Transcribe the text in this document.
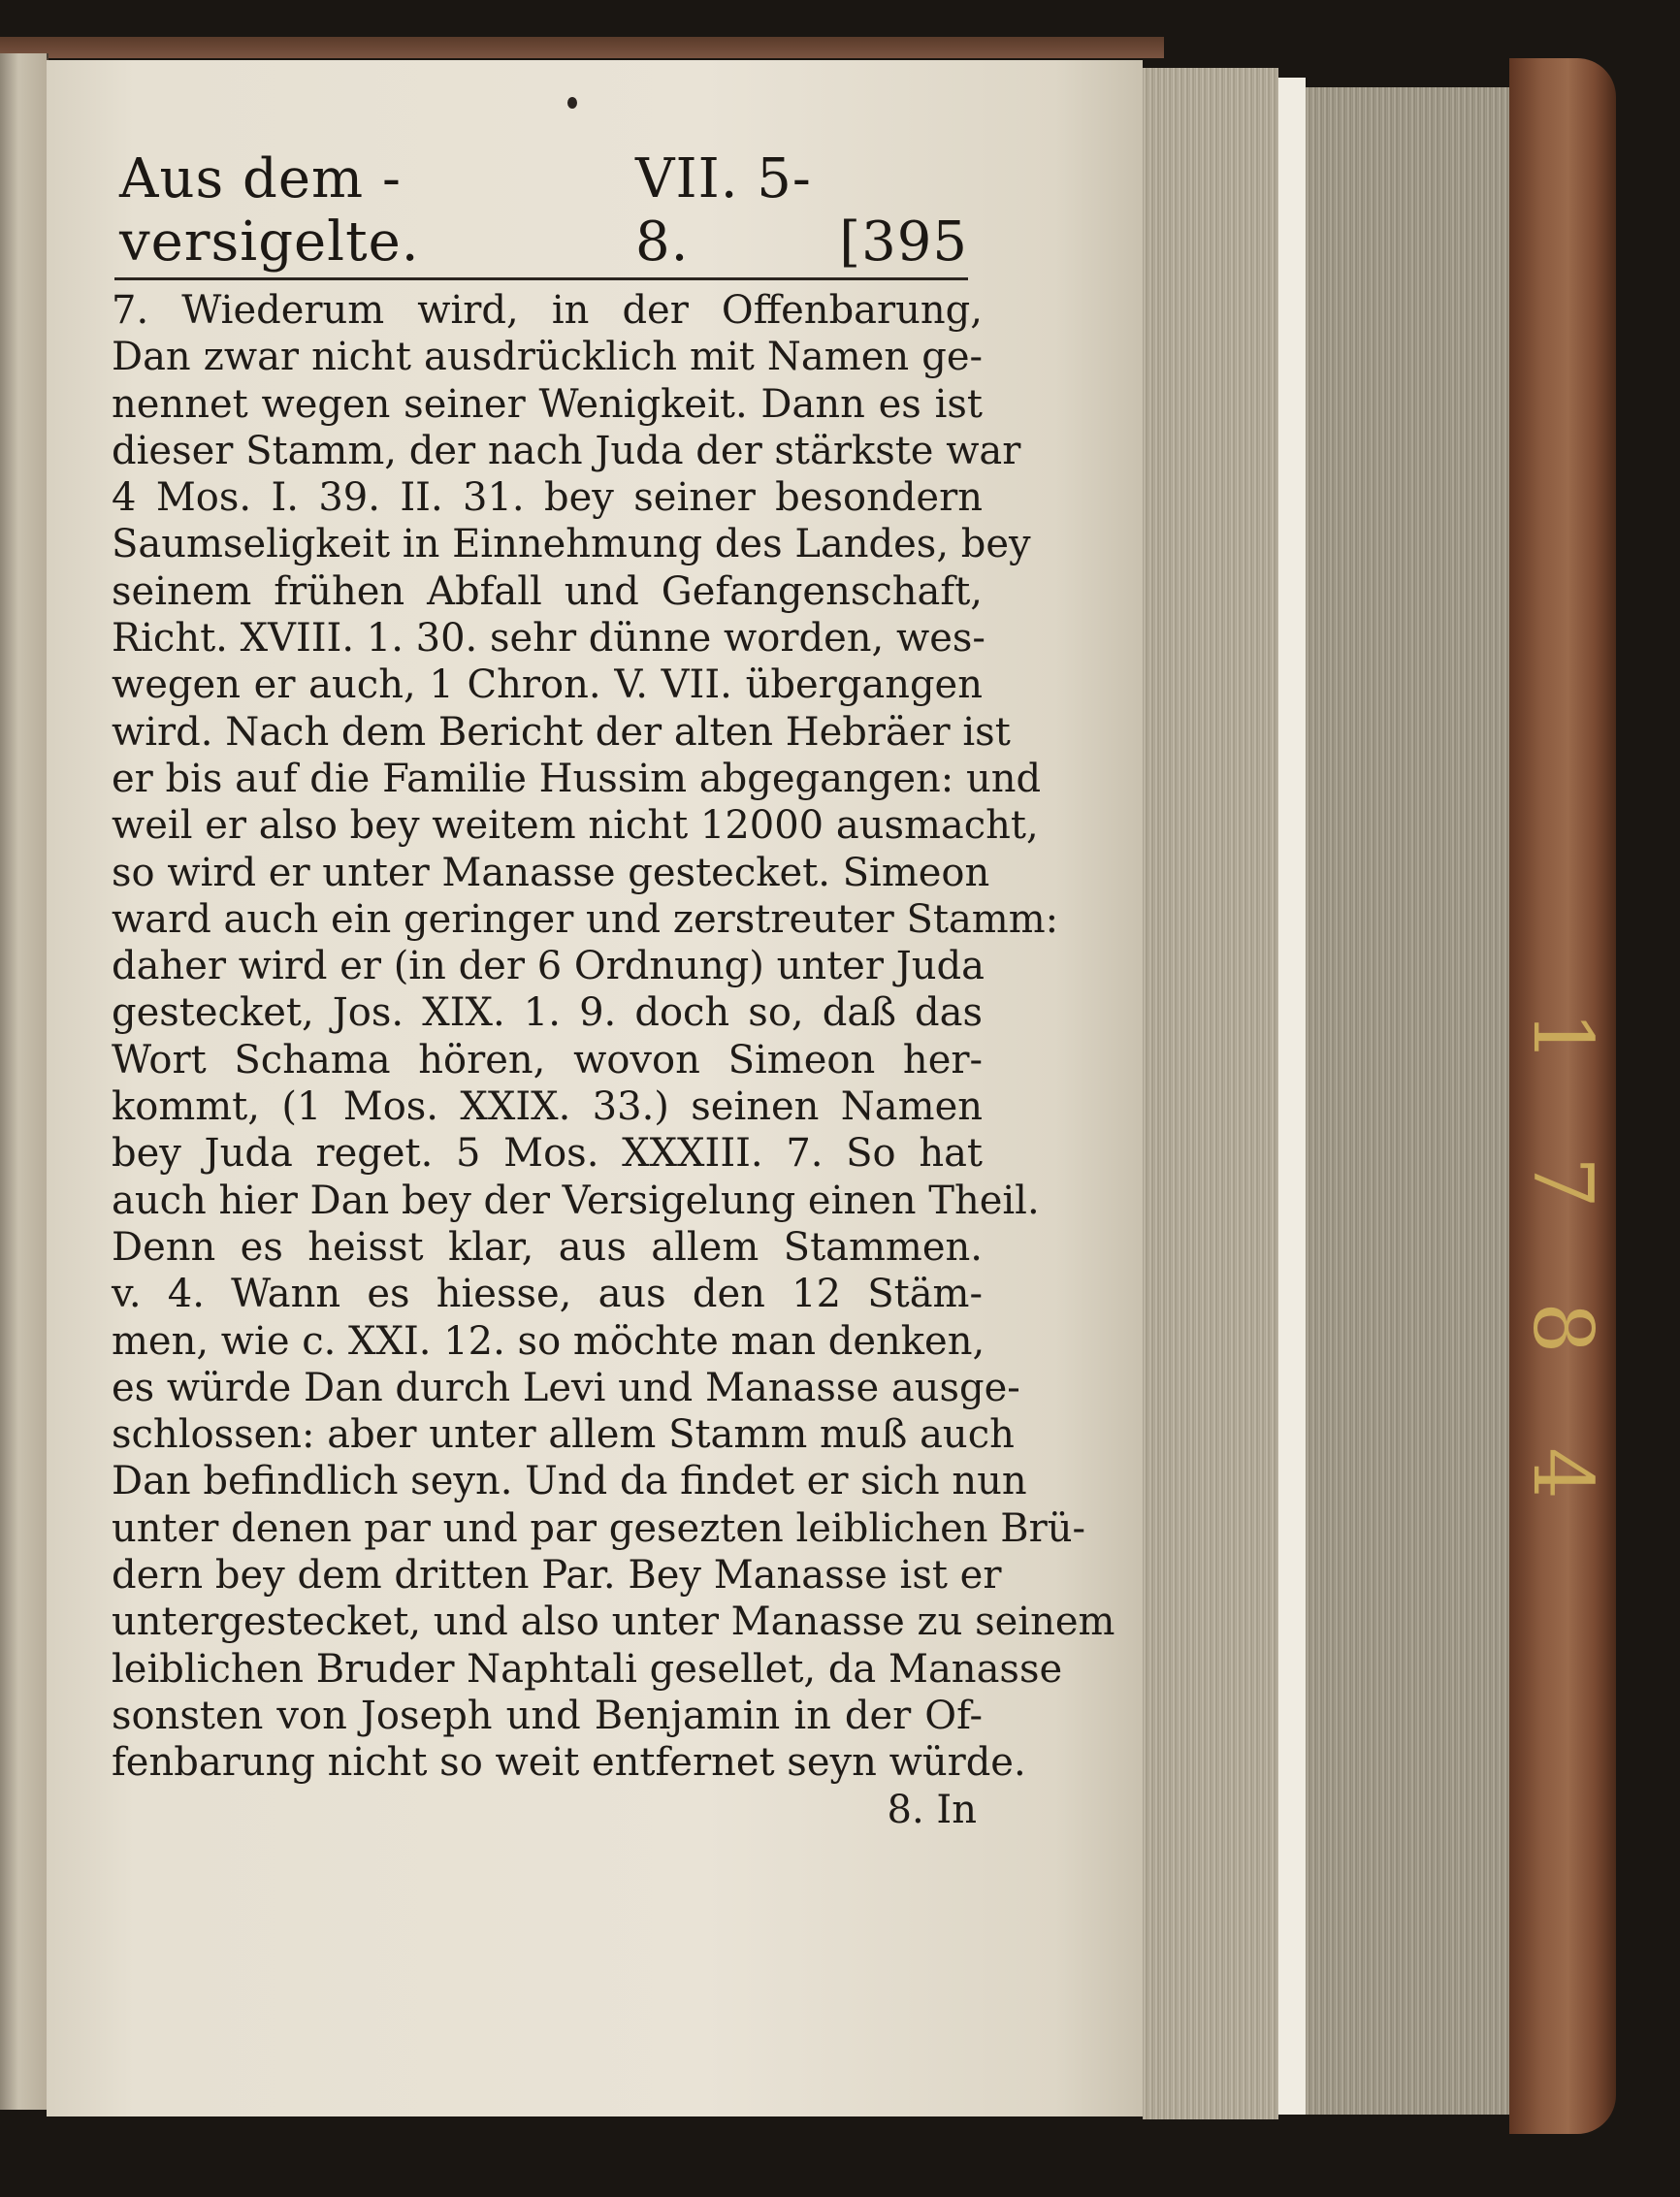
1
7
8
4
Aus dem -versigelte.
VII. 5-8.	[395
7. Wiederum wird, in der Offenbarung,
Dan zwar nicht ausdrücklich mit Namen ge-
nennet wegen seiner Wenigkeit. Dann es ist
dieser Stamm, der nach Juda der stärkste war
4 Mos. I. 39. II. 31. bey seiner besondern
Saumseligkeit in Einnehmung des Landes, bey
seinem frühen Abfall und Gefangenschaft,
Richt. XVIII. 1. 30. sehr dünne worden, wes-
wegen er auch, 1 Chron. V. VII. übergangen
wird. Nach dem Bericht der alten Hebräer ist
er bis auf die Familie Hussim abgegangen: und
weil er also bey weitem nicht 12000 ausmacht,
so wird er unter Manasse gestecket. Simeon
ward auch ein geringer und zerstreuter Stamm:
daher wird er (in der 6 Ordnung) unter Juda
gestecket, Jos. XIX. 1. 9. doch so, daß das
Wort Schama hören, wovon Simeon her-
kommt, (1 Mos. XXIX. 33.) seinen Namen
bey Juda reget. 5 Mos. XXXIII. 7. So hat
auch hier Dan bey der Versigelung einen Theil.
Denn es heisst klar, aus allem Stammen.
v. 4. Wann es hiesse, aus den 12 Stäm-
men, wie c. XXI. 12. so möchte man denken,
es würde Dan durch Levi und Manasse ausge-
schlossen: aber unter allem Stamm muß auch
Dan befindlich seyn. Und da findet er sich nun
unter denen par und par gesezten leiblichen Brü-
dern bey dem dritten Par. Bey Manasse ist er
untergestecket, und also unter Manasse zu seinem
leiblichen Bruder Naphtali gesellet, da Manasse
sonsten von Joseph und Benjamin in der Of-
fenbarung nicht so weit entfernet seyn würde.
8. In
